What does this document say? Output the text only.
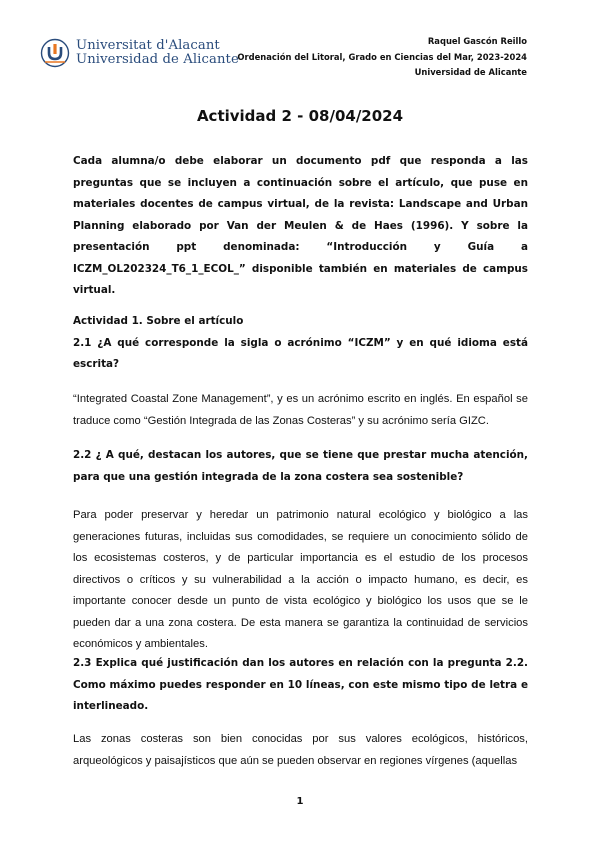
Universitat d'Alacant
Universidad de Alicante
Raquel Gascón Reillo
Ordenación del Litoral, Grado en Ciencias del Mar, 2023-2024
Universidad de Alicante
Actividad 2 - 08/04/2024

Cada alumna/o debe elaborar un documento pdf que responda a las preguntas que se incluyen a continuación sobre el artículo, que puse en materiales docentes de campus virtual, de la revista: Landscape and Urban Planning elaborado por Van der Meulen & de Haes (1996). Y sobre la presentación ppt denominada: “Introducción y Guía a ICZM_OL202324_T6_1_ECOL_” disponible también en materiales de campus virtual.

Actividad 1. Sobre el artículo
2.1 ¿A qué corresponde la sigla o acrónimo “ICZM” y en qué idioma está escrita?

“Integrated Coastal Zone Management”, y es un acrónimo escrito en inglés. En español se traduce como “Gestión Integrada de las Zonas Costeras” y su acrónimo sería GIZC.

2.2 ¿ A qué, destacan los autores, que se tiene que prestar mucha atención, para que una gestión integrada de la zona costera sea sostenible?

Para poder preservar y heredar un patrimonio natural ecológico y biológico a las generaciones futuras, incluidas sus comodidades, se requiere un conocimiento sólido de los ecosistemas costeros, y de particular importancia es el estudio de los procesos directivos o críticos y su vulnerabilidad a la acción o impacto humano, es decir, es importante conocer desde un punto de vista ecológico y biológico los usos que se le pueden dar a una zona costera. De esta manera se garantiza la continuidad de servicios económicos y ambientales.

2.3 Explica qué justificación dan los autores en relación con la pregunta 2.2. Como máximo puedes responder en 10 líneas, con este mismo tipo de letra e interlineado.

Las zonas costeras son bien conocidas por sus valores ecológicos, históricos, arqueológicos y paisajísticos que aún se pueden observar en regiones vírgenes (aquellas

1
